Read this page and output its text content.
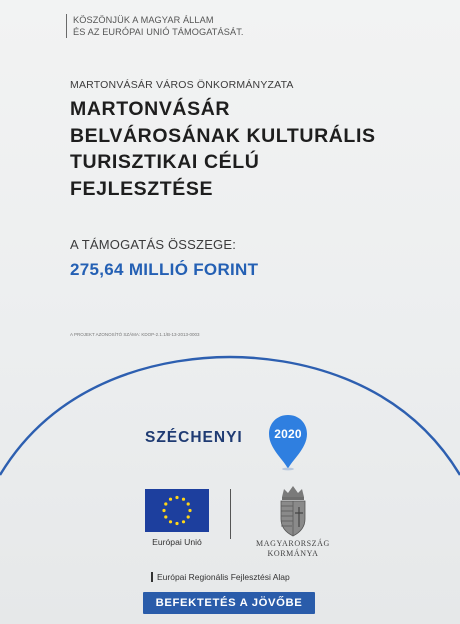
KÖSZÖNJÜK A MAGYAR ÁLLAM
ÉS AZ EURÓPAI UNIÓ TÁMOGATÁSÁT.
MARTONVÁSÁR VÁROS ÖNKORMÁNYZATA
MARTONVÁSÁR
BELVÁROSÁNAK KULTURÁLIS
TURISZTIKAI CÉLÚ
FEJLESZTÉSE
A TÁMOGATÁS ÖSSZEGE:
275,64 MILLIÓ FORINT
A PROJEKT AZONOSÍTÓ SZÁMA: KDOP-2.1.1/B-13-2013-0003
SZÉCHENYI	2020
Európai Unió	MAGYARORSZÁG
KORMÁNYA
Európai Regionális Fejlesztési Alap
BEFEKTETÉS A JÖVŐBE
